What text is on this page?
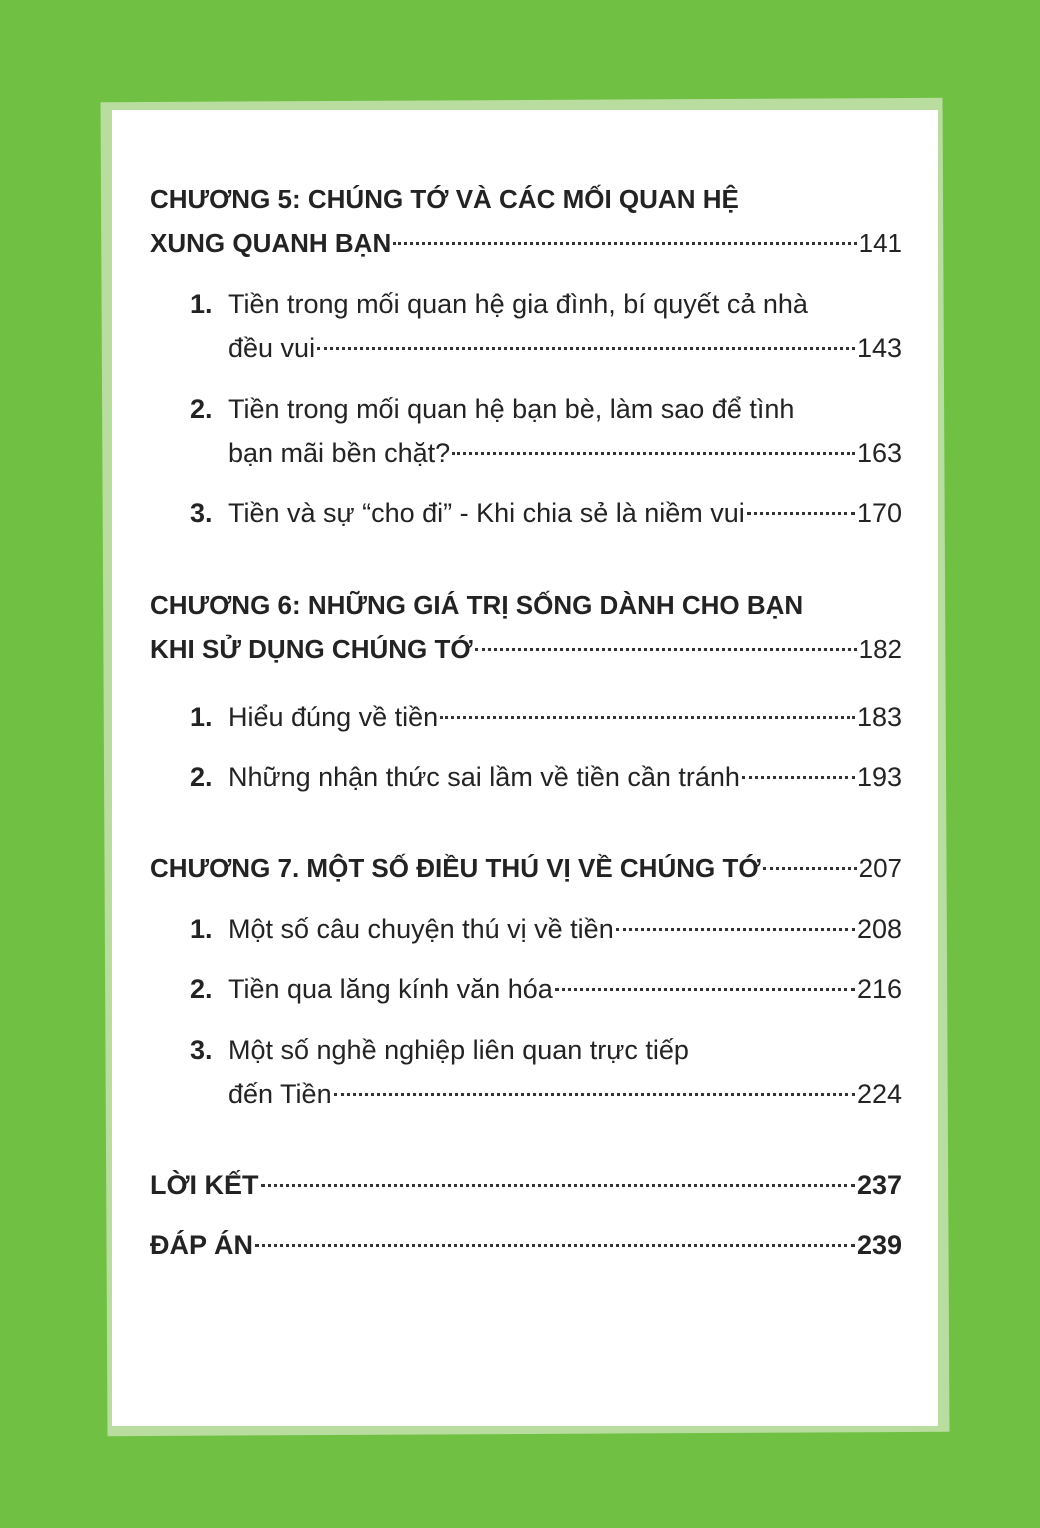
CHƯƠNG 5: CHÚNG TỚ VÀ CÁC MỐI QUAN HỆ
XUNG QUANH BẠN	141
1. Tiền trong mối quan hệ gia đình, bí quyết cả nhà
đều vui	143
2. Tiền trong mối quan hệ bạn bè, làm sao để tình
bạn mãi bền chặt?	163
3. Tiền và sự “cho đi” - Khi chia sẻ là niềm vui	170
CHƯƠNG 6: NHỮNG GIÁ TRỊ SỐNG DÀNH CHO BẠN
KHI SỬ DỤNG CHÚNG TỚ	182
1. Hiểu đúng về tiền	183
2. Những nhận thức sai lầm về tiền cần tránh	193
CHƯƠNG 7. MỘT SỐ ĐIỀU THÚ VỊ VỀ CHÚNG TỚ	207
1. Một số câu chuyện thú vị về tiền	208
2. Tiền qua lăng kính văn hóa	216
3. Một số nghề nghiệp liên quan trực tiếp
đến Tiền	224
LỜI KẾT	237
ĐÁP ÁN	239
